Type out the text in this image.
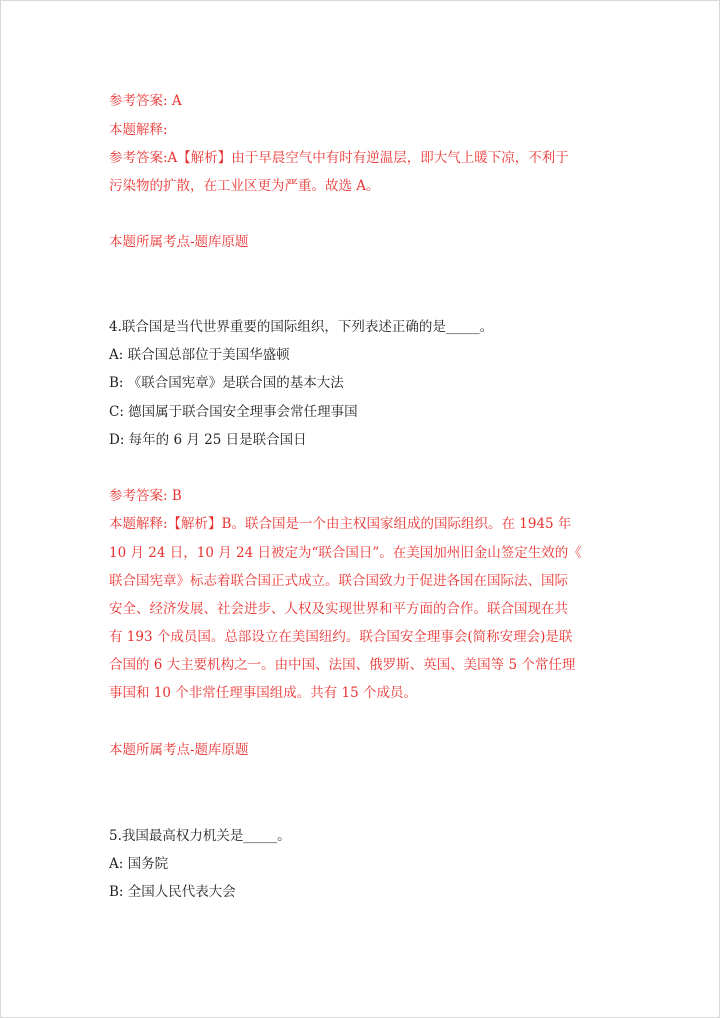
参考答案: A
本题解释:
参考答案:A【解析】由于早晨空气中有时有逆温层，即大气上暖下凉，不利于
污染物的扩散，在工业区更为严重。故选 A。
本题所属考点-题库原题
4.联合国是当代世界重要的国际组织，下列表述正确的是_____。
A: 联合国总部位于美国华盛顿
B: 《联合国宪章》是联合国的基本大法
C: 德国属于联合国安全理事会常任理事国
D: 每年的 6 月 25 日是联合国日
参考答案: B
本题解释:【解析】B。联合国是一个由主权国家组成的国际组织。在 1945 年
10 月 24 日，10 月 24 日被定为“联合国日”。在美国加州旧金山签定生效的《
联合国宪章》标志着联合国正式成立。联合国致力于促进各国在国际法、国际
安全、经济发展、社会进步、人权及实现世界和平方面的合作。联合国现在共
有 193 个成员国。总部设立在美国纽约。联合国安全理事会(简称安理会)是联
合国的 6 大主要机构之一。由中国、法国、俄罗斯、英国、美国等 5 个常任理
事国和 10 个非常任理事国组成。共有 15 个成员。
本题所属考点-题库原题
5.我国最高权力机关是_____。
A: 国务院
B: 全国人民代表大会
